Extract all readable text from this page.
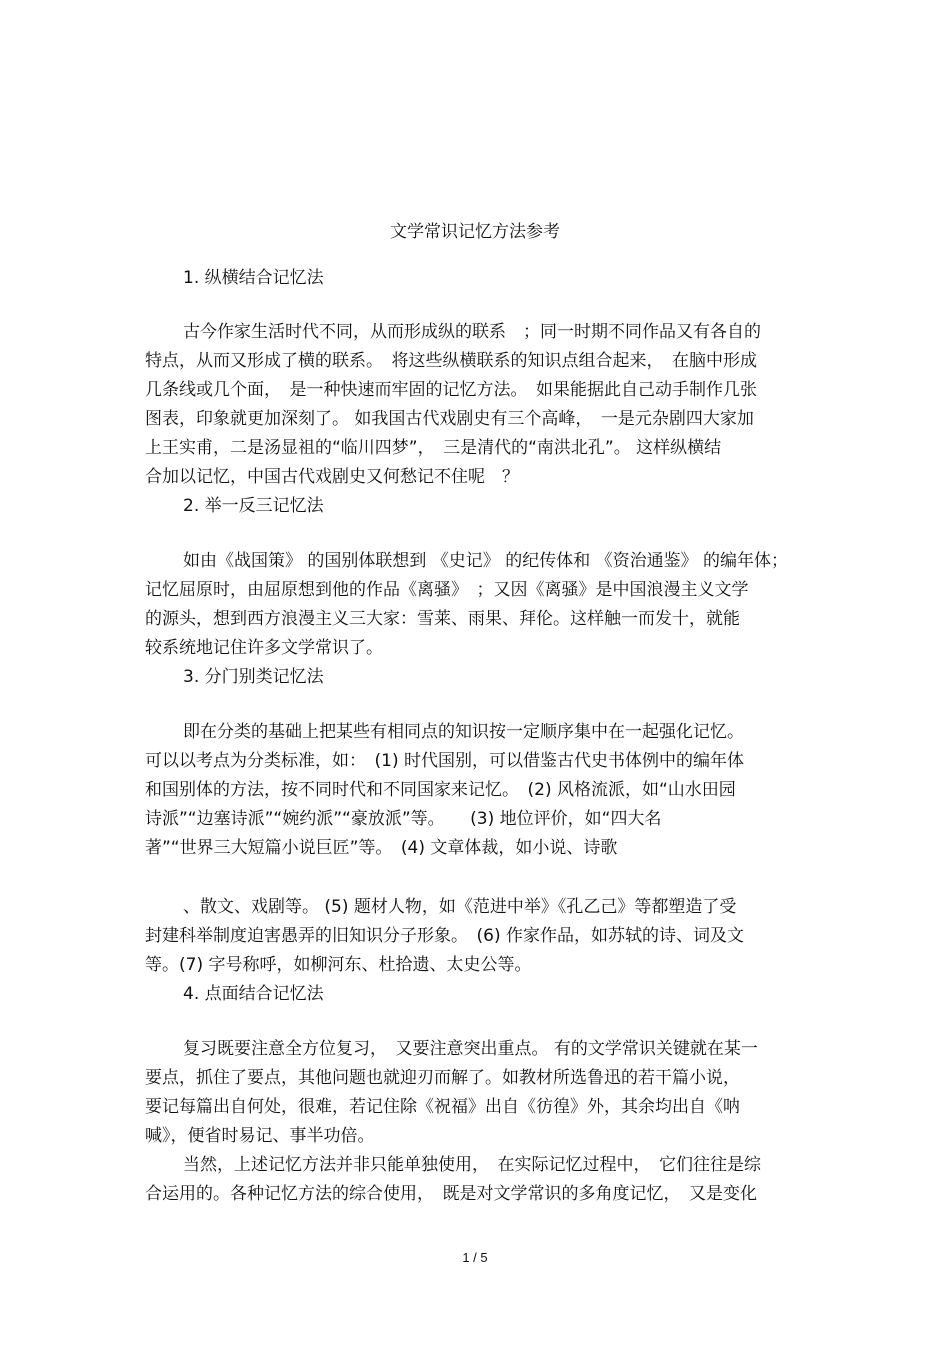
文学常识记忆方法参考
1. 纵横结合记忆法
古今作家生活时代不同，从而形成纵的联系　；同一时期不同作品又有各自的
特点，从而又形成了横的联系。　将这些纵横联系的知识点组合起来，　在脑中形成
几条线或几个面，　是一种快速而牢固的记忆方法。　如果能据此自己动手制作几张
图表，印象就更加深刻了。 如我国古代戏剧史有三个高峰，　一是元杂剧四大家加
上王实甫，二是汤显祖的“临川四梦”，　三是清代的“南洪北孔”。 这样纵横结
合加以记忆，中国古代戏剧史又何愁记不住呢　？
2. 举一反三记忆法
如由《战国策》 的国别体联想到 《史记》 的纪传体和 《资治通鉴》 的编年体；
记忆屈原时，由屈原想到他的作品《离骚》　；又因《离骚》是中国浪漫主义文学
的源头，想到西方浪漫主义三大家：雪莱、雨果、拜伦。这样触一而发十，就能
较系统地记住许多文学常识了。
3. 分门别类记忆法
即在分类的基础上把某些有相同点的知识按一定顺序集中在一起强化记忆。
可以以考点为分类标准，如：　(1) 时代国别，可以借鉴古代史书体例中的编年体
和国别体的方法，按不同时代和不同国家来记忆。　(2) 风格流派，如“山水田园
诗派”“边塞诗派”“婉约派”“豪放派”等。　　(3) 地位评价，如“四大名
著”“世界三大短篇小说巨匠”等。　(4) 文章体裁，如小说、诗歌
、散文、戏剧等。 (5) 题材人物，如《范进中举》《孔乙己》等都塑造了受
封建科举制度迫害愚弄的旧知识分子形象。　(6) 作家作品，如苏轼的诗、词及文
等。(7) 字号称呼，如柳河东、杜拾遗、太史公等。
4. 点面结合记忆法
复习既要注意全方位复习，　又要注意突出重点。 有的文学常识关键就在某一
要点，抓住了要点，其他问题也就迎刃而解了。如教材所选鲁迅的若干篇小说，
要记每篇出自何处，很难，若记住除《祝福》出自《彷徨》外，其余均出自《呐
喊》，便省时易记、事半功倍。
当然，上述记忆方法并非只能单独使用，　在实际记忆过程中，　它们往往是综
合运用的。各种记忆方法的综合使用，　既是对文学常识的多角度记忆，　又是变化
1 / 5
